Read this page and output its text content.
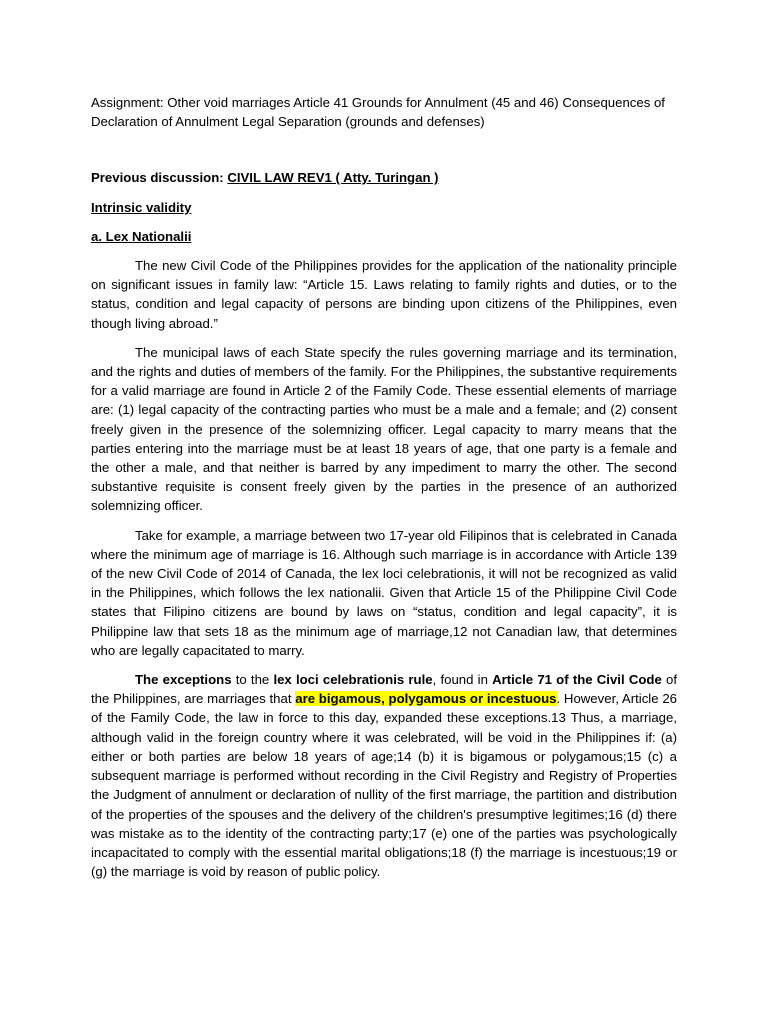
Assignment: Other void marriages Article 41 Grounds for Annulment (45 and 46) Consequences of Declaration of Annulment Legal Separation (grounds and defenses)

Previous discussion: CIVIL LAW REV1 ( Atty. Turingan )

Intrinsic validity

a. Lex Nationalii

The new Civil Code of the Philippines provides for the application of the nationality principle on significant issues in family law: “Article 15. Laws relating to family rights and duties, or to the status, condition and legal capacity of persons are binding upon citizens of the Philippines, even though living abroad.”

The municipal laws of each State specify the rules governing marriage and its termination, and the rights and duties of members of the family. For the Philippines, the substantive requirements for a valid marriage are found in Article 2 of the Family Code. These essential elements of marriage are: (1) legal capacity of the contracting parties who must be a male and a female; and (2) consent freely given in the presence of the solemnizing officer. Legal capacity to marry means that the parties entering into the marriage must be at least 18 years of age, that one party is a female and the other a male, and that neither is barred by any impediment to marry the other. The second substantive requisite is consent freely given by the parties in the presence of an authorized solemnizing officer.

Take for example, a marriage between two 17-year old Filipinos that is celebrated in Canada where the minimum age of marriage is 16. Although such marriage is in accordance with Article 139 of the new Civil Code of 2014 of Canada, the lex loci celebrationis, it will not be recognized as valid in the Philippines, which follows the lex nationalii. Given that Article 15 of the Philippine Civil Code states that Filipino citizens are bound by laws on “status, condition and legal capacity”, it is Philippine law that sets 18 as the minimum age of marriage,12 not Canadian law, that determines who are legally capacitated to marry.

The exceptions to the lex loci celebrationis rule, found in Article 71 of the Civil Code of the Philippines, are marriages that are bigamous, polygamous or incestuous. However, Article 26 of the Family Code, the law in force to this day, expanded these exceptions.13 Thus, a marriage, although valid in the foreign country where it was celebrated, will be void in the Philippines if: (a) either or both parties are below 18 years of age;14 (b) it is bigamous or polygamous;15 (c) a subsequent marriage is performed without recording in the Civil Registry and Registry of Properties the Judgment of annulment or declaration of nullity of the first marriage, the partition and distribution of the properties of the spouses and the delivery of the children's presumptive legitimes;16 (d) there was mistake as to the identity of the contracting party;17 (e) one of the parties was psychologically incapacitated to comply with the essential marital obligations;18 (f) the marriage is incestuous;19 or (g) the marriage is void by reason of public policy.
